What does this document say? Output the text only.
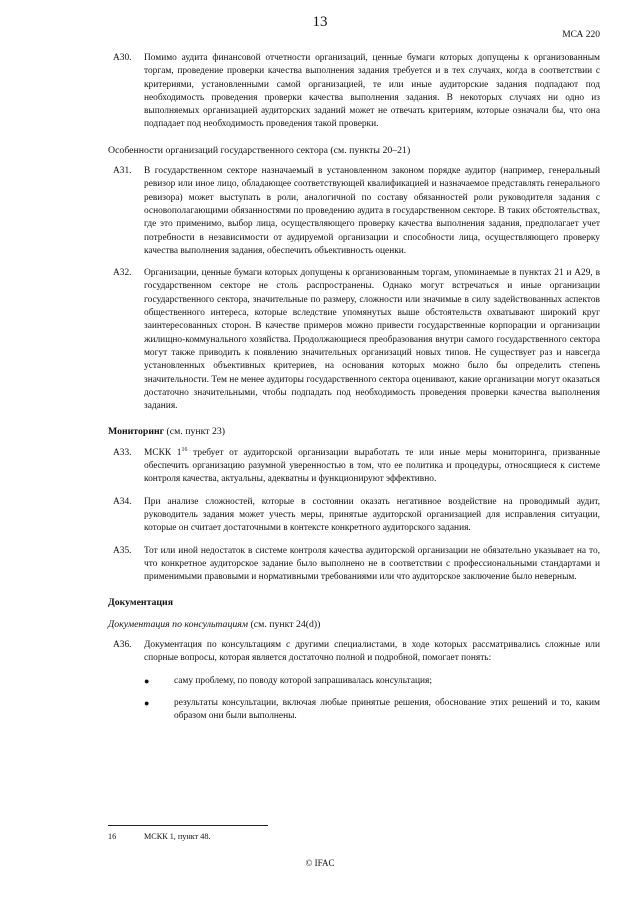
13
МСА 220
A30.	Помимо аудита финансовой отчетности организаций, ценные бумаги которых допущены к организованным торгам, проведение проверки качества выполнения задания требуется и в тех случаях, когда в соответствии с критериями, установленными самой организацией, те или иные аудиторские задания подпадают под необходимость проведения проверки качества выполнения задания. В некоторых случаях ни одно из выполняемых организацией аудиторских заданий может не отвечать критериям, которые означали бы, что она подпадает под необходимость проведения такой проверки.
Особенности организаций государственного сектора (см. пункты 20–21)
A31.	В государственном секторе назначаемый в установленном законом порядке аудитор (например, генеральный ревизор или иное лицо, обладающее соответствующей квалификацией и назначаемое представлять генерального ревизора) может выступать в роли, аналогичной по составу обязанностей роли руководителя задания с основополагающими обязанностями по проведению аудита в государственном секторе. В таких обстоятельствах, где это применимо, выбор лица, осуществляющего проверку качества выполнения задания, предполагает учет потребности в независимости от аудируемой организации и способности лица, осуществляющего проверку качества выполнения задания, обеспечить объективность оценки.
A32.	Организации, ценные бумаги которых допущены к организованным торгам, упоминаемые в пунктах 21 и A29, в государственном секторе не столь распространены. Однако могут встречаться и иные организации государственного сектора, значительные по размеру, сложности или значимые в силу задействованных аспектов общественного интереса, которые вследствие упомянутых выше обстоятельств охватывают широкий круг заинтересованных сторон. В качестве примеров можно привести государственные корпорации и организации жилищно-коммунального хозяйства. Продолжающиеся преобразования внутри самого государственного сектора могут также приводить к появлению значительных организаций новых типов. Не существует раз и навсегда установленных объективных критериев, на основания которых можно было бы определить степень значительности. Тем не менее аудиторы государственного сектора оценивают, какие организации могут оказаться достаточно значительными, чтобы подпадать под необходимость проведения проверки качества выполнения задания.
Мониторинг (см. пункт 23)
A33.	МСКК $1^{16}$ требует от аудиторской организации выработать те или иные меры мониторинга, призванные обеспечить организацию разумной уверенностью в том, что ее политика и процедуры, относящиеся к системе контроля качества, актуальны, адекватны и функционируют эффективно.
A34.	При анализе сложностей, которые в состоянии оказать негативное воздействие на проводимый аудит, руководитель задания может учесть меры, принятые аудиторской организацией для исправления ситуации, которые он считает достаточными в контексте конкретного аудиторского задания.
A35.	Тот или иной недостаток в системе контроля качества аудиторской организации не обязательно указывает на то, что конкретное аудиторское задание было выполнено не в соответствии с профессиональными стандартами и применимыми правовыми и нормативными требованиями или что аудиторское заключение было неверным.
Документация
Документация по консультациям (см. пункт 24(d))
A36.	Документация по консультациям с другими специалистами, в ходе которых рассматривались сложные или спорные вопросы, которая является достаточно полной и подробной, помогает понять:
●	саму проблему, по поводу которой запрашивалась консультация;
●	результаты консультации, включая любые принятые решения, обоснование этих решений и то, каким образом они были выполнены.
16	МСКК 1, пункт 48.
© IFAC
